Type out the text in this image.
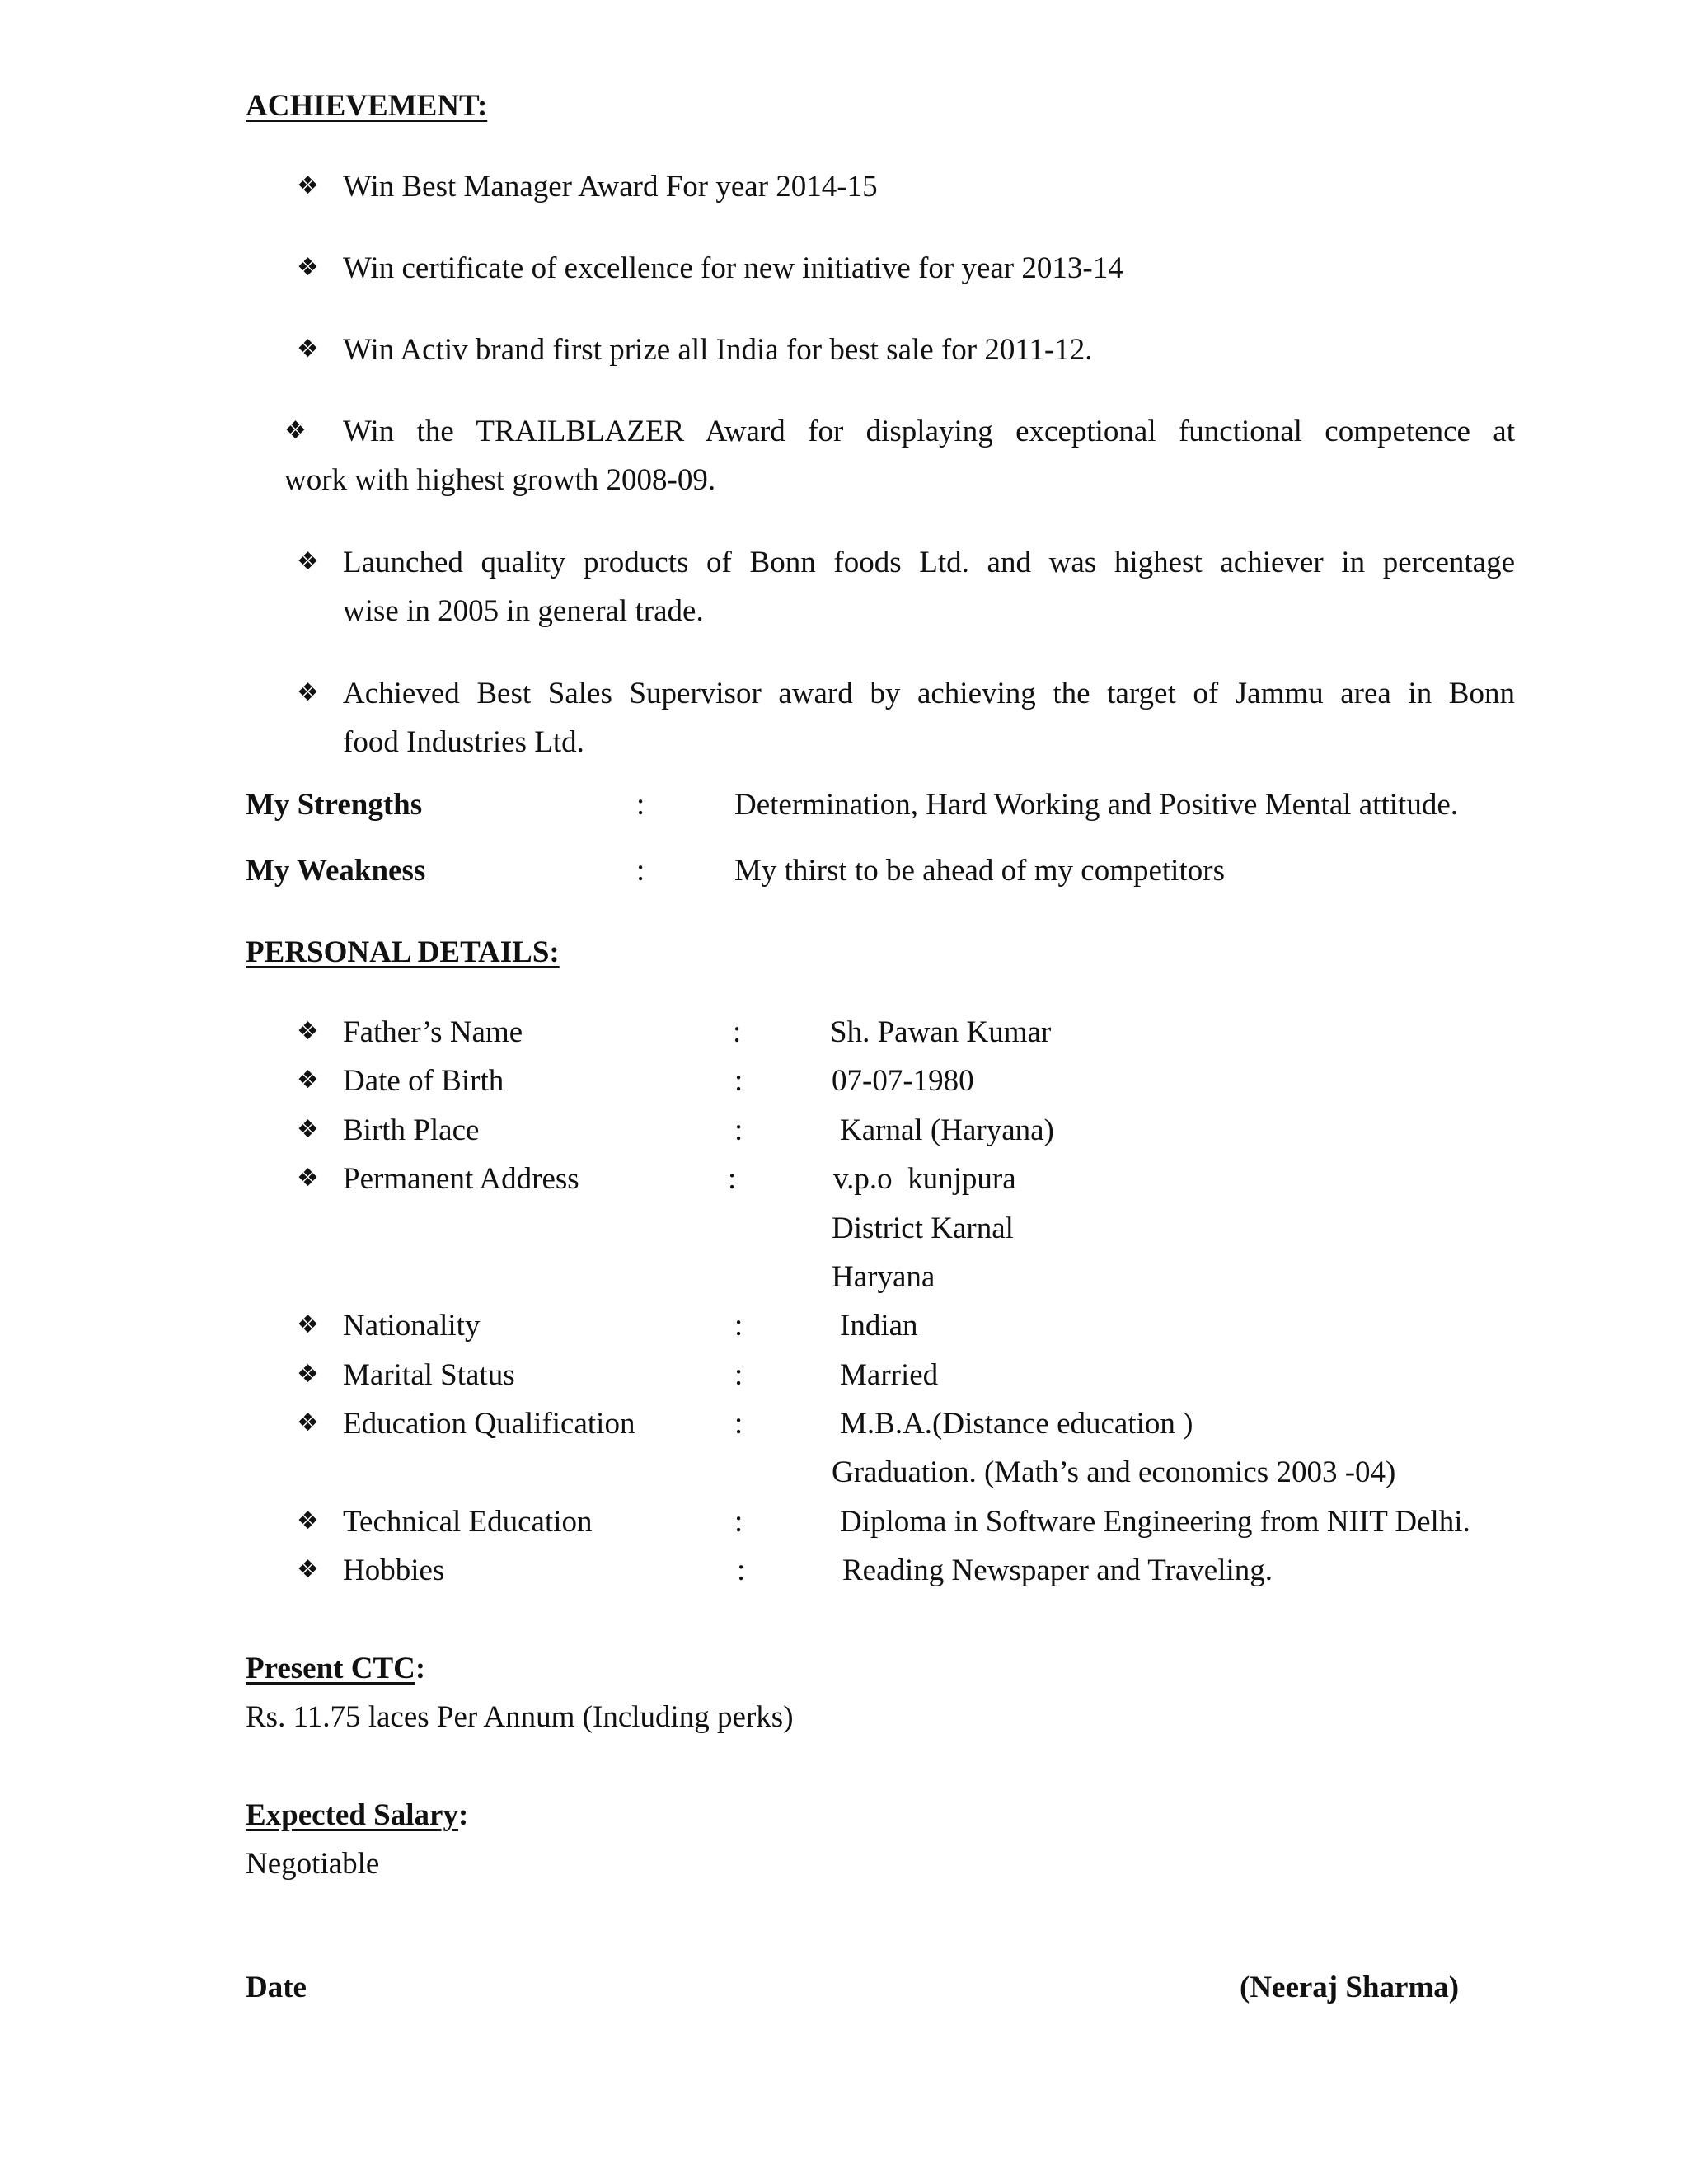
ACHIEVEMENT:
❖ Win Best Manager Award For year 2014-15
❖ Win certificate of excellence for new initiative for year 2013-14
❖ Win Activ brand first prize all India for best sale for 2011-12.
❖ Win the TRAILBLAZER Award for displaying exceptional functional competence at
work with highest growth 2008-09.
❖ Launched quality products of Bonn foods Ltd. and was highest achiever in percentage
wise in 2005 in general trade.
❖ Achieved Best Sales Supervisor award by achieving the target of Jammu area in Bonn
food Industries Ltd.
My Strengths	:	Determination, Hard Working and Positive Mental attitude.
My Weakness	:	My thirst to be ahead of my competitors
PERSONAL DETAILS:
❖ Father’s Name	:	Sh. Pawan Kumar
❖ Date of Birth	:	07-07-1980
❖ Birth Place	:	Karnal (Haryana)
❖ Permanent Address	:	v.p.o  kunjpura
District Karnal
Haryana
❖ Nationality	:	Indian
❖ Marital Status	:	Married
❖ Education Qualification	:	M.B.A.(Distance education )
Graduation. (Math’s and economics 2003 -04)
❖ Technical Education	:	Diploma in Software Engineering from NIIT Delhi.
❖ Hobbies	:	Reading Newspaper and Traveling.
Present CTC:
Rs. 11.75 laces Per Annum (Including perks)
Expected Salary:
Negotiable
Date	(Neeraj Sharma)
